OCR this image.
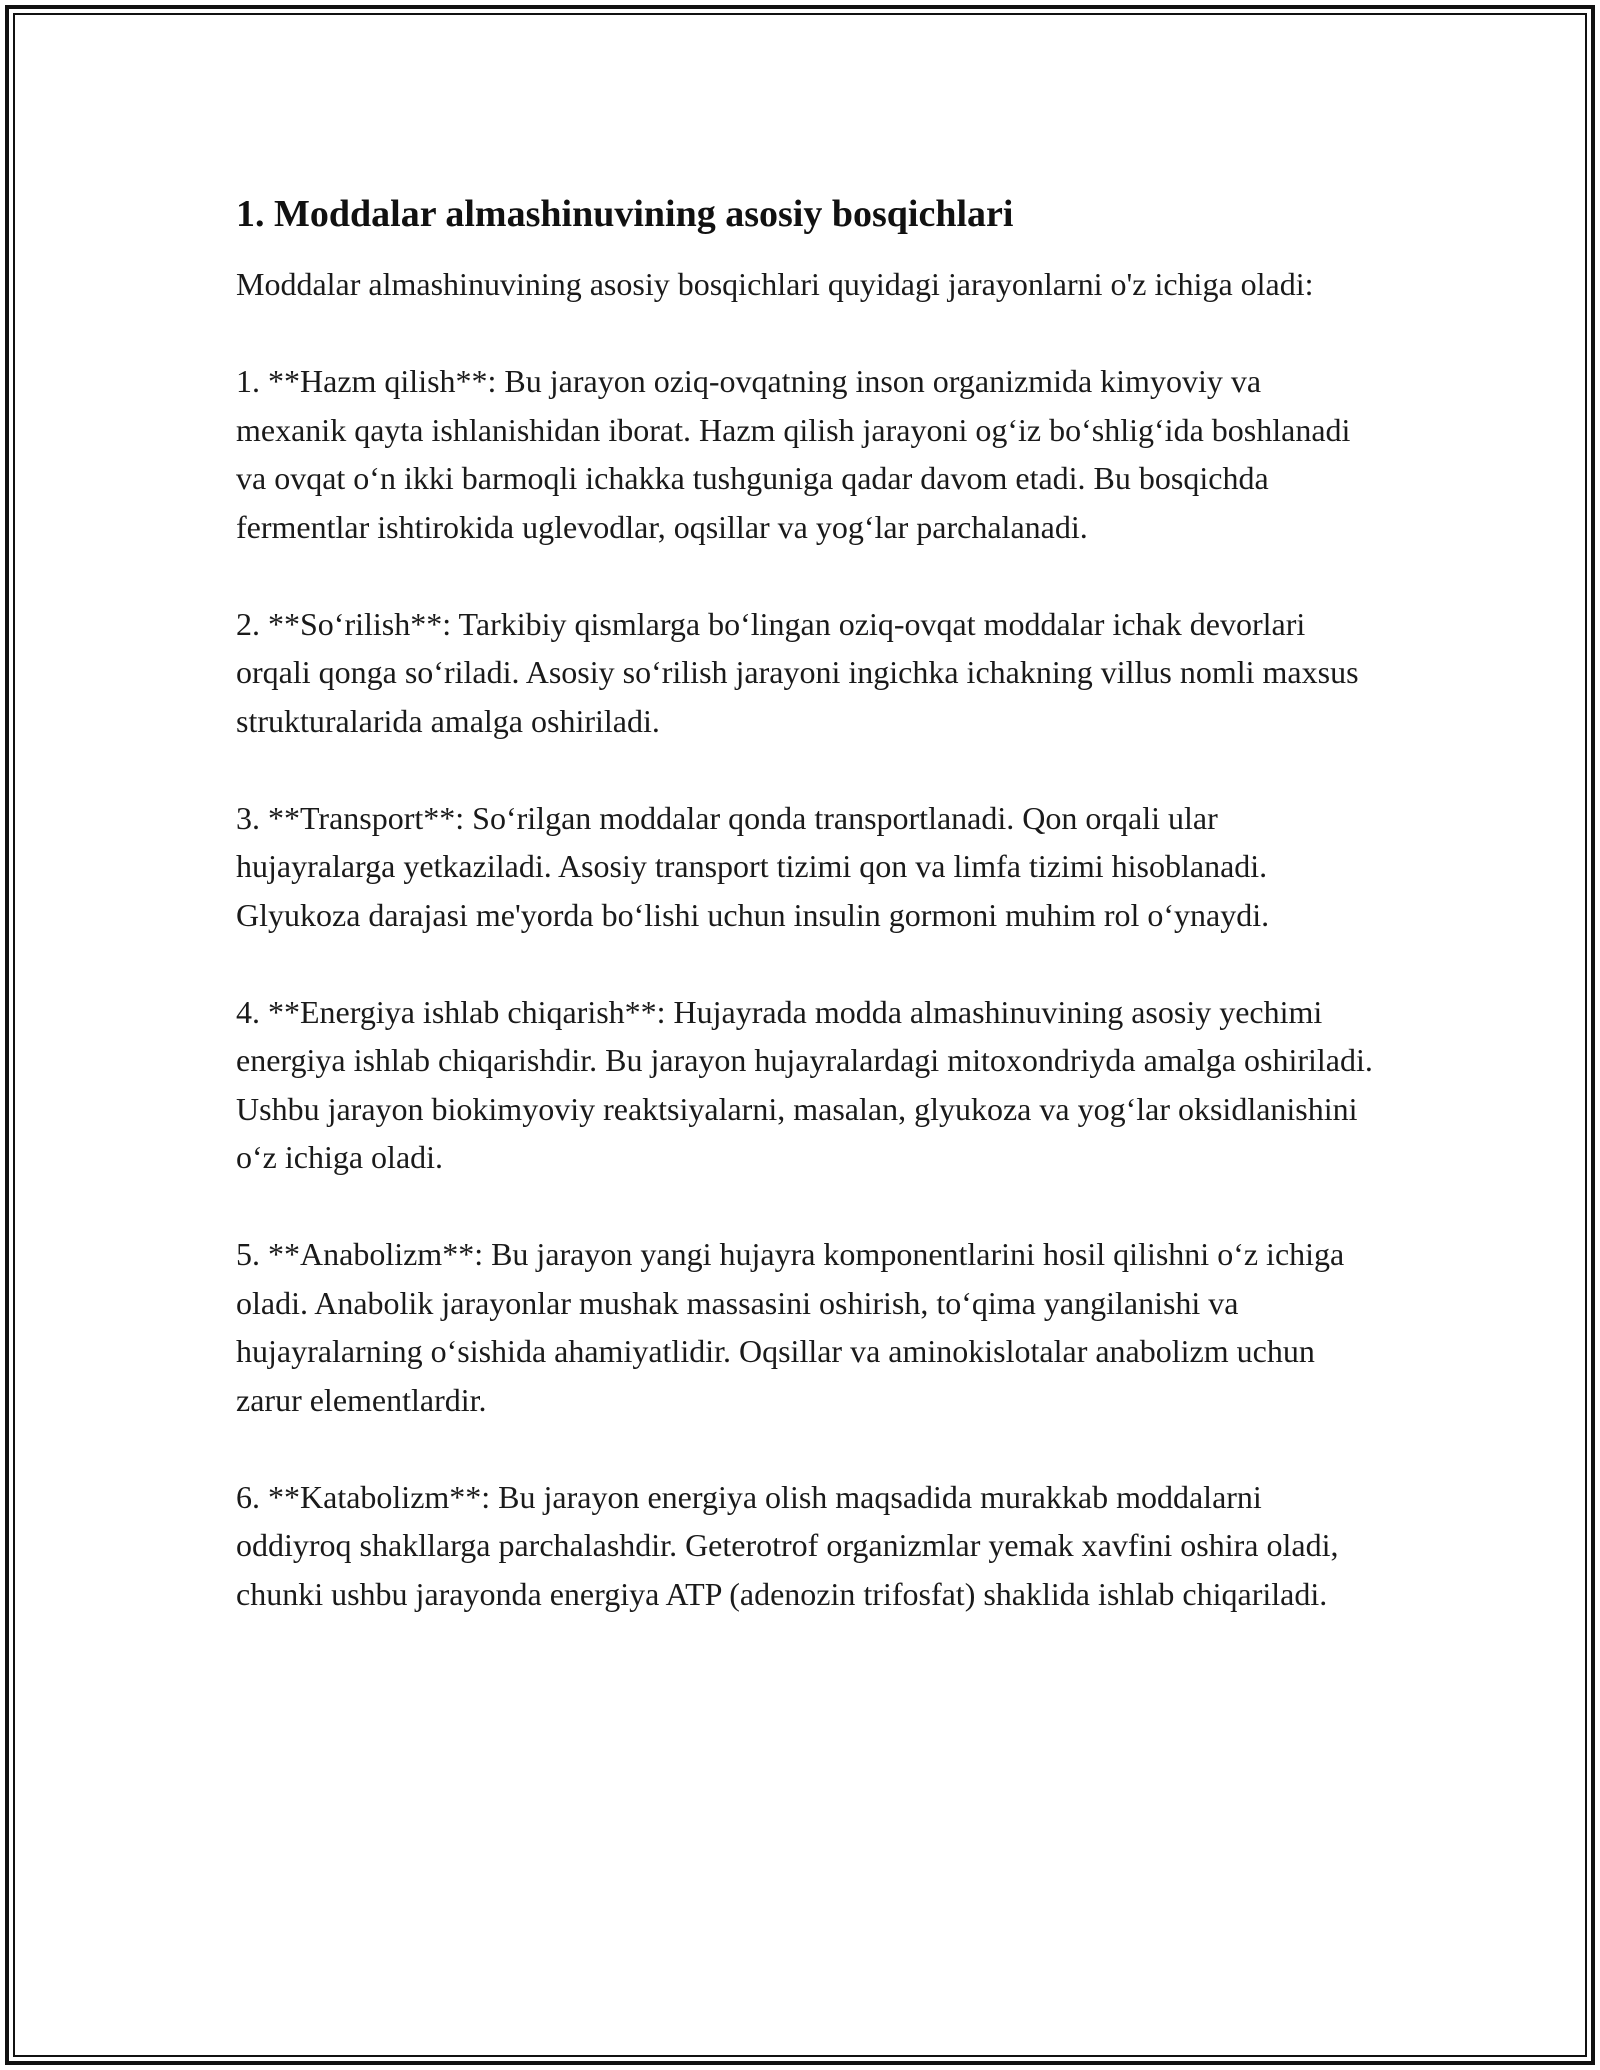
1. Moddalar almashinuvining asosiy bosqichlari

Moddalar almashinuvining asosiy bosqichlari quyidagi jarayonlarni o'z ichiga oladi:

1. **Hazm qilish**: Bu jarayon oziq-ovqatning inson organizmida kimyoviy va mexanik qayta ishlanishidan iborat. Hazm qilish jarayoni og‘iz bo‘shlig‘ida boshlanadi va ovqat o‘n ikki barmoqli ichakka tushguniga qadar davom etadi. Bu bosqichda fermentlar ishtirokida uglevodlar, oqsillar va yog‘lar parchalanadi.

2. **So‘rilish**: Tarkibiy qismlarga bo‘lingan oziq-ovqat moddalar ichak devorlari orqali qonga so‘riladi. Asosiy so‘rilish jarayoni ingichka ichakning villus nomli maxsus strukturalarida amalga oshiriladi.

3. **Transport**: So‘rilgan moddalar qonda transportlanadi. Qon orqali ular hujayralarga yetkaziladi. Asosiy transport tizimi qon va limfa tizimi hisoblanadi. Glyukoza darajasi me'yorda bo‘lishi uchun insulin gormoni muhim rol o‘ynaydi.

4. **Energiya ishlab chiqarish**: Hujayrada modda almashinuvining asosiy yechimi energiya ishlab chiqarishdir. Bu jarayon hujayralardagi mitoxondriyda amalga oshiriladi. Ushbu jarayon biokimyoviy reaktsiyalarni, masalan, glyukoza va yog‘lar oksidlanishini o‘z ichiga oladi.

5. **Anabolizm**: Bu jarayon yangi hujayra komponentlarini hosil qilishni o‘z ichiga oladi. Anabolik jarayonlar mushak massasini oshirish, to‘qima yangilanishi va hujayralarning o‘sishida ahamiyatlidir. Oqsillar va aminokislotalar anabolizm uchun zarur elementlardir.

6. **Katabolizm**: Bu jarayon energiya olish maqsadida murakkab moddalarni oddiyroq shakllarga parchalashdir. Geterotrof organizmlar yemak xavfini oshira oladi, chunki ushbu jarayonda energiya ATP (adenozin trifosfat) shaklida ishlab chiqariladi.
